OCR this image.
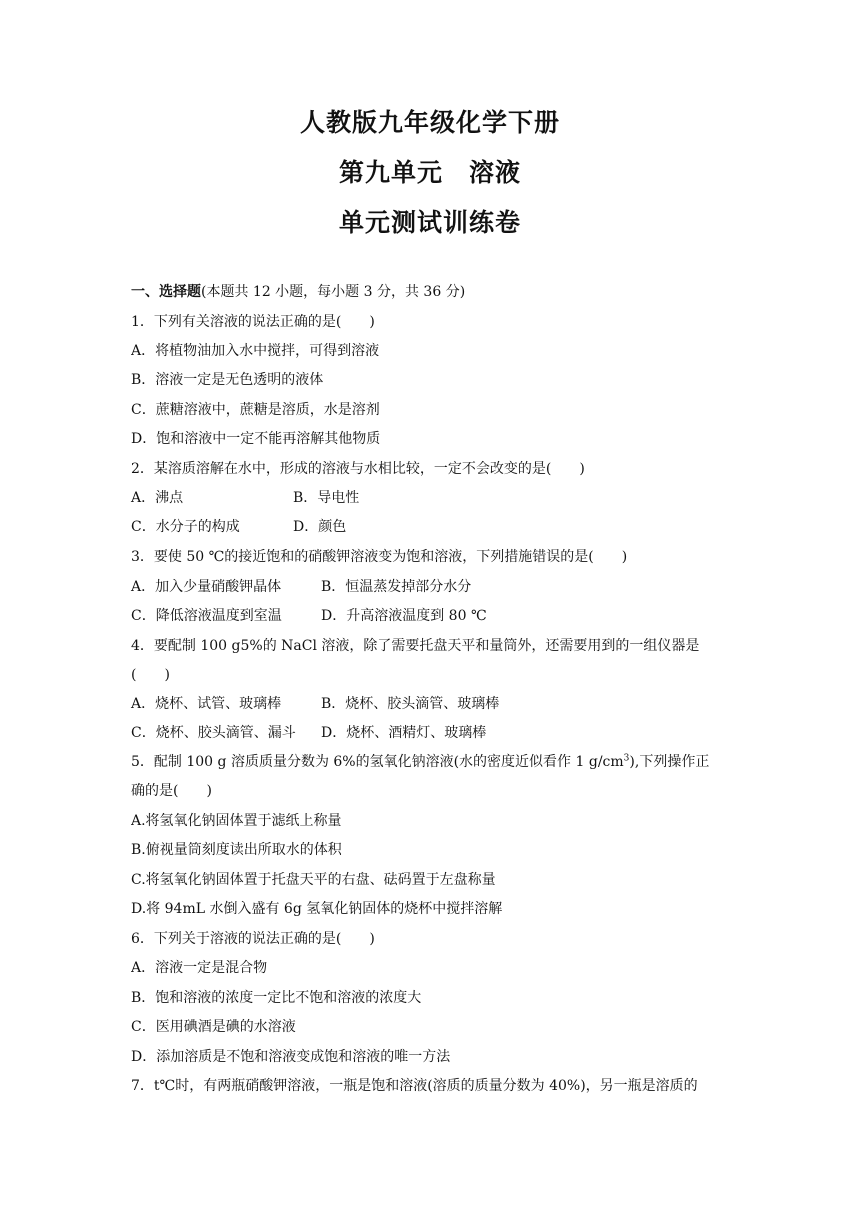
人教版九年级化学下册
第九单元　溶液
单元测试训练卷
一、选择题(本题共 12 小题，每小题 3 分，共 36 分)
1．下列有关溶液的说法正确的是(　　)
A．将植物油加入水中搅拌，可得到溶液
B．溶液一定是无色透明的液体
C．蔗糖溶液中，蔗糖是溶质，水是溶剂
D．饱和溶液中一定不能再溶解其他物质
2．某溶质溶解在水中，形成的溶液与水相比较，一定不会改变的是(　　)

A．沸点

	B．导电性

C．水分子的构成

	D．颜色

3．要使 50 ℃的接近饱和的硝酸钾溶液变为饱和溶液，下列措施错误的是(　　)

A．加入少量硝酸钾晶体

	B．恒温蒸发掉部分水分

C．降低溶液温度到室温

	D．升高溶液温度到 80 ℃

4．要配制 100 g5%的 NaCl 溶液，除了需要托盘天平和量筒外，还需要用到的一组仪器是
(　　)

A．烧杯、试管、玻璃棒

	B．烧杯、胶头滴管、玻璃棒

C．烧杯、胶头滴管、漏斗

D．烧杯、酒精灯、玻璃棒

5．配制 100 g 溶质质量分数为 6%的氢氧化钠溶液(水的密度近似看作 1 $g/cm^3$),下列操作正
确的是(　　)
A.将氢氧化钠固体置于滤纸上称量
B.俯视量筒刻度读出所取水的体积
C.将氢氧化钠固体置于托盘天平的右盘、砝码置于左盘称量
D.将 94mL 水倒入盛有 6g 氢氧化钠固体的烧杯中搅拌溶解
6．下列关于溶液的说法正确的是(　　)
A．溶液一定是混合物
B．饱和溶液的浓度一定比不饱和溶液的浓度大
C．医用碘酒是碘的水溶液
D．添加溶质是不饱和溶液变成饱和溶液的唯一方法
7．t℃时，有两瓶硝酸钾溶液，一瓶是饱和溶液(溶质的质量分数为 40%)，另一瓶是溶质的
